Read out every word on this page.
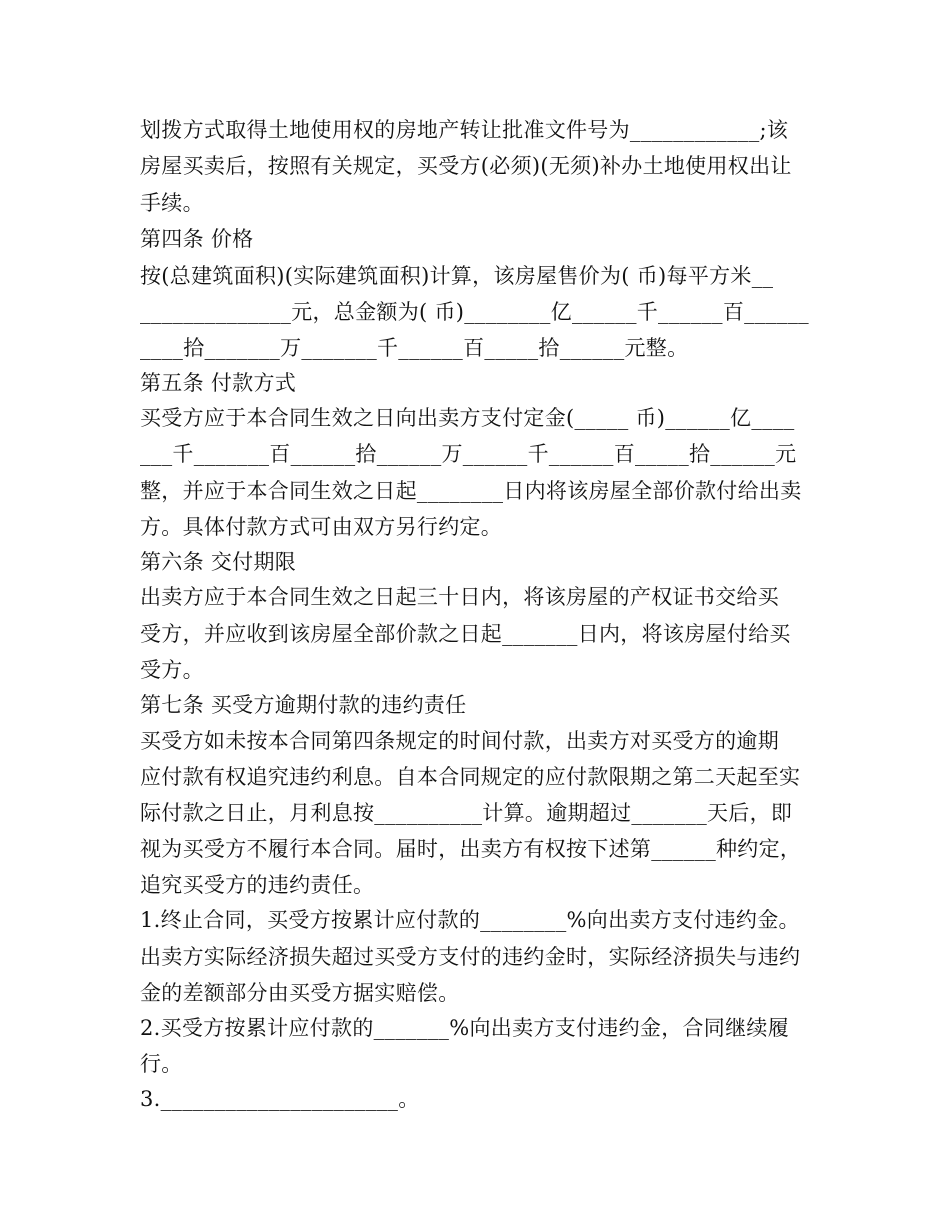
划拨方式取得土地使用权的房地产转让批准文件号为____________;该
房屋买卖后，按照有关规定，买受方(必须)(无须)补办土地使用权出让
手续。
第四条 价格
按(总建筑面积)(实际建筑面积)计算，该房屋售价为( 币)每平方米__
______________元，总金额为( 币)________亿______千______百______
____拾_______万_______千______百_____拾______元整。
第五条 付款方式
买受方应于本合同生效之日向出卖方支付定金(_____ 币)______亿____
___千_______百______拾______万______千______百_____拾______元
整，并应于本合同生效之日起________日内将该房屋全部价款付给出卖
方。具体付款方式可由双方另行约定。
第六条 交付期限
出卖方应于本合同生效之日起三十日内，将该房屋的产权证书交给买
受方，并应收到该房屋全部价款之日起_______日内，将该房屋付给买
受方。
第七条 买受方逾期付款的违约责任
买受方如未按本合同第四条规定的时间付款，出卖方对买受方的逾期
应付款有权追究违约利息。自本合同规定的应付款限期之第二天起至实
际付款之日止，月利息按__________计算。逾期超过_______天后，即
视为买受方不履行本合同。届时，出卖方有权按下述第______种约定，
追究买受方的违约责任。
1.终止合同，买受方按累计应付款的________%向出卖方支付违约金。
出卖方实际经济损失超过买受方支付的违约金时，实际经济损失与违约
金的差额部分由买受方据实赔偿。
2.买受方按累计应付款的_______%向出卖方支付违约金，合同继续履
行。
3.______________________。
